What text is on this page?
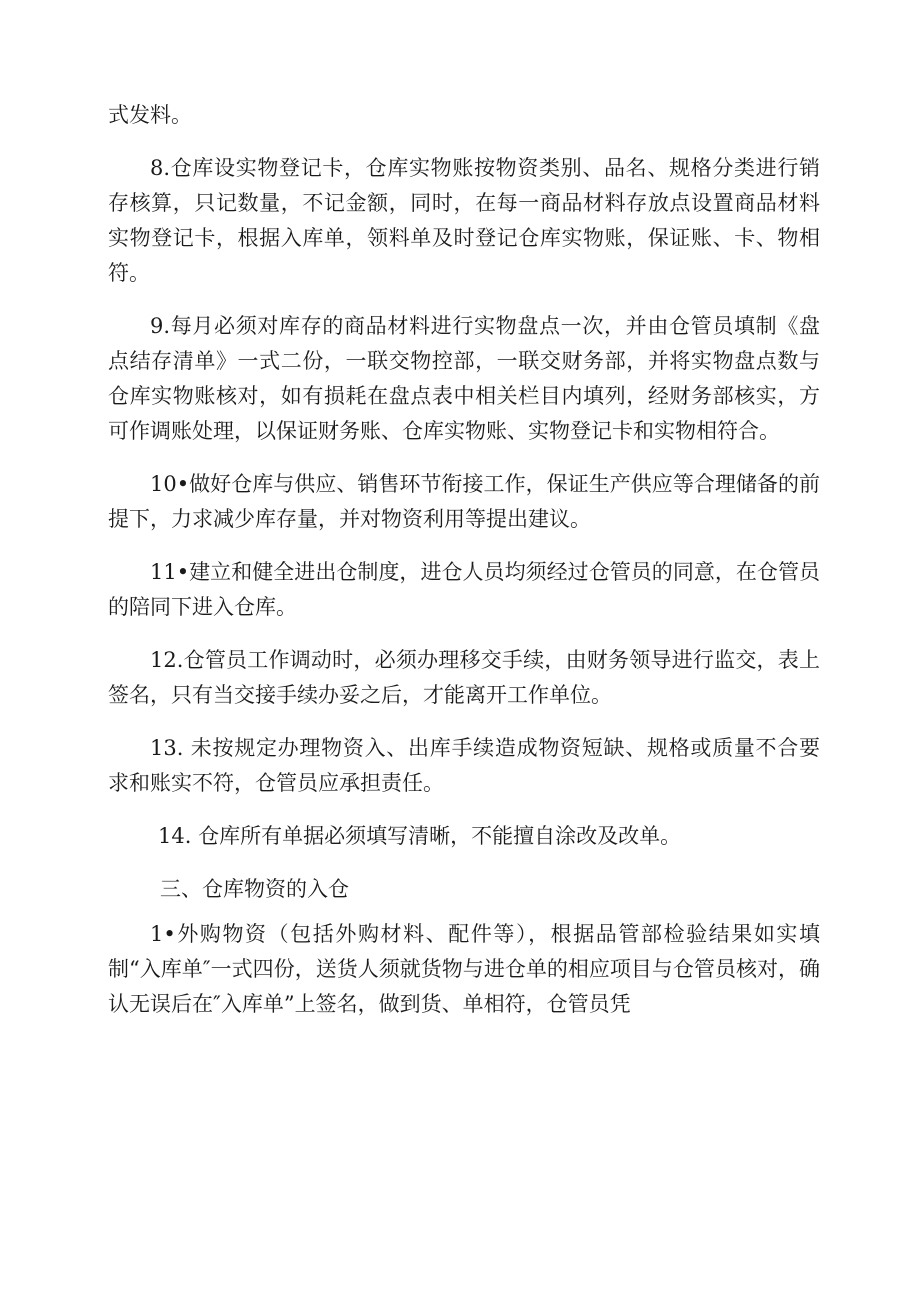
式发料。

8.仓库设实物登记卡，仓库实物账按物资类别、品名、规格分类进行销存核算，只记数量，不记金额，同时，在每一商品材料存放点设置商品材料实物登记卡，根据入库单，领料单及时登记仓库实物账，保证账、卡、物相符。

9.每月必须对库存的商品材料进行实物盘点一次，并由仓管员填制《盘点结存清单》一式二份，一联交物控部，一联交财务部，并将实物盘点数与仓库实物账核对，如有损耗在盘点表中相关栏目内填列，经财务部核实，方可作调账处理，以保证财务账、仓库实物账、实物登记卡和实物相符合。

10•做好仓库与供应、销售环节衔接工作，保证生产供应等合理储备的前提下，力求减少库存量，并对物资利用等提出建议。

11•建立和健全进出仓制度，进仓人员均须经过仓管员的同意，在仓管员的陪同下进入仓库。

12.仓管员工作调动时，必须办理移交手续，由财务领导进行监交，表上签名，只有当交接手续办妥之后，才能离开工作单位。

13. 未按规定办理物资入、出库手续造成物资短缺、规格或质量不合要求和账实不符，仓管员应承担责任。

14. 仓库所有单据必须填写清晰，不能擅自涂改及改单。

三、仓库物资的入仓

1•外购物资（包括外购材料、配件等），根据品管部检验结果如实填制“入库单″一式四份，送货人须就货物与进仓单的相应项目与仓管员核对，确认无误后在″入库单”上签名，做到货、单相符，仓管员凭
